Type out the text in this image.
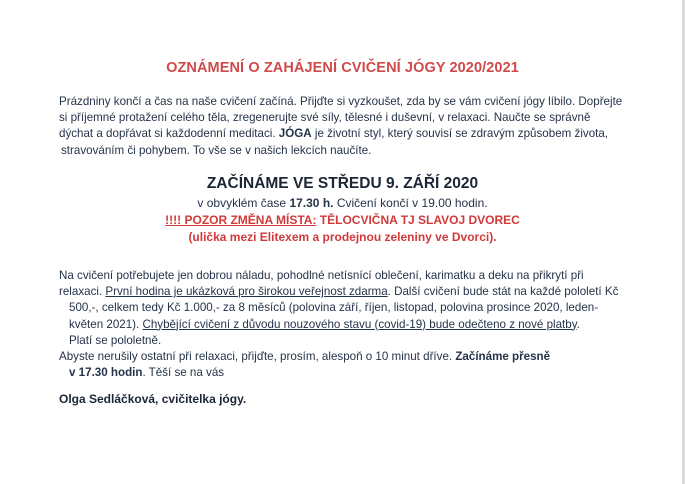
OZNÁMENÍ O ZAHÁJENÍ CVIČENÍ JÓGY 2020/2021
Prázdniny končí a čas na naše cvičení začíná. Přijďte si vyzkoušet, zda by se vám cvičení jógy líbilo. Dopřejte
si příjemné protažení celého těla, zregenerujte své síly, tělesné i duševní, v relaxaci. Naučte se správně
dýchat a dopřávat si každodenní meditaci. JÓGA je životní styl, který souvisí se zdravým způsobem života,
stravováním či pohybem. To vše se v našich lekcích naučíte.
ZAČÍNÁME VE STŘEDU 9. ZÁŘÍ 2020
v obvyklém čase 17.30 h. Cvičení končí v 19.00 hodin.
!!!! POZOR ZMĚNA MÍSTA: TĚLOCVIČNA TJ SLAVOJ DVOREC
(ulička mezi Elitexem a prodejnou zeleniny ve Dvorci).
Na cvičení potřebujete jen dobrou náladu, pohodlné netísnící oblečení, karimatku a deku na přikrytí při
relaxaci. První hodina je ukázková pro širokou veřejnost zdarma. Další cvičení bude stát na každé pololetí Kč
500,-, celkem tedy Kč 1.000,- za 8 měsíců (polovina září, říjen, listopad, polovina prosince 2020, leden-
květen 2021). Chybějící cvičení z důvodu nouzového stavu (covid-19) bude odečteno z nové platby.
Platí se pololetně.
Abyste nerušily ostatní při relaxaci, přijďte, prosím, alespoň o 10 minut dříve. Začínáme přesně
v 17.30 hodin. Těší se na vás
Olga Sedláčková, cvičitelka jógy.
